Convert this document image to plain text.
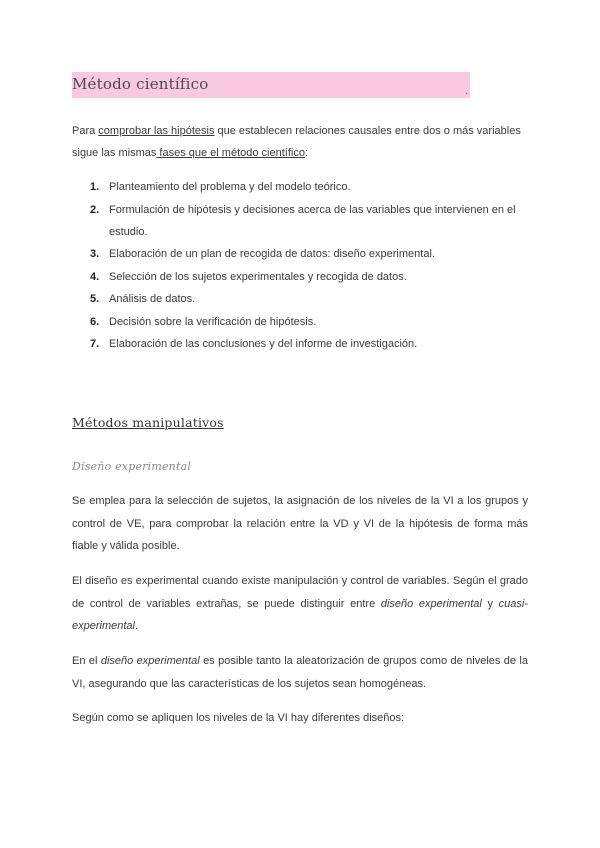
Método científico	.

Para comprobar las hipótesis que establecen relaciones causales entre dos o más variables sigue las mismas fases que el método científico:

1. Planteamiento del problema y del modelo teórico.
2. Formulación de hipótesis y decisiones acerca de las variables que intervienen en el estudio.
3. Elaboración de un plan de recogida de datos: diseño experimental.
4. Selección de los sujetos experimentales y recogida de datos.
5. Análisis de datos.
6. Decisión sobre la verificación de hipótesis.
7. Elaboración de las conclusiones y del informe de investigación.
Métodos manipulativos
Diseño experimental

Se emplea para la selección de sujetos, la asignación de los niveles de la VI a los grupos y control de VE, para comprobar la relación entre la VD y VI de la hipótesis de forma más fiable y válida posible.

El diseño es experimental cuando existe manipulación y control de variables. Según el grado de control de variables extrañas, se puede distinguir entre diseño experimental y cuasi-experimental.

En el diseño experimental es posible tanto la aleatorización de grupos como de niveles de la VI, asegurando que las características de los sujetos sean homogéneas.

Según como se apliquen los niveles de la VI hay diferentes diseños:
